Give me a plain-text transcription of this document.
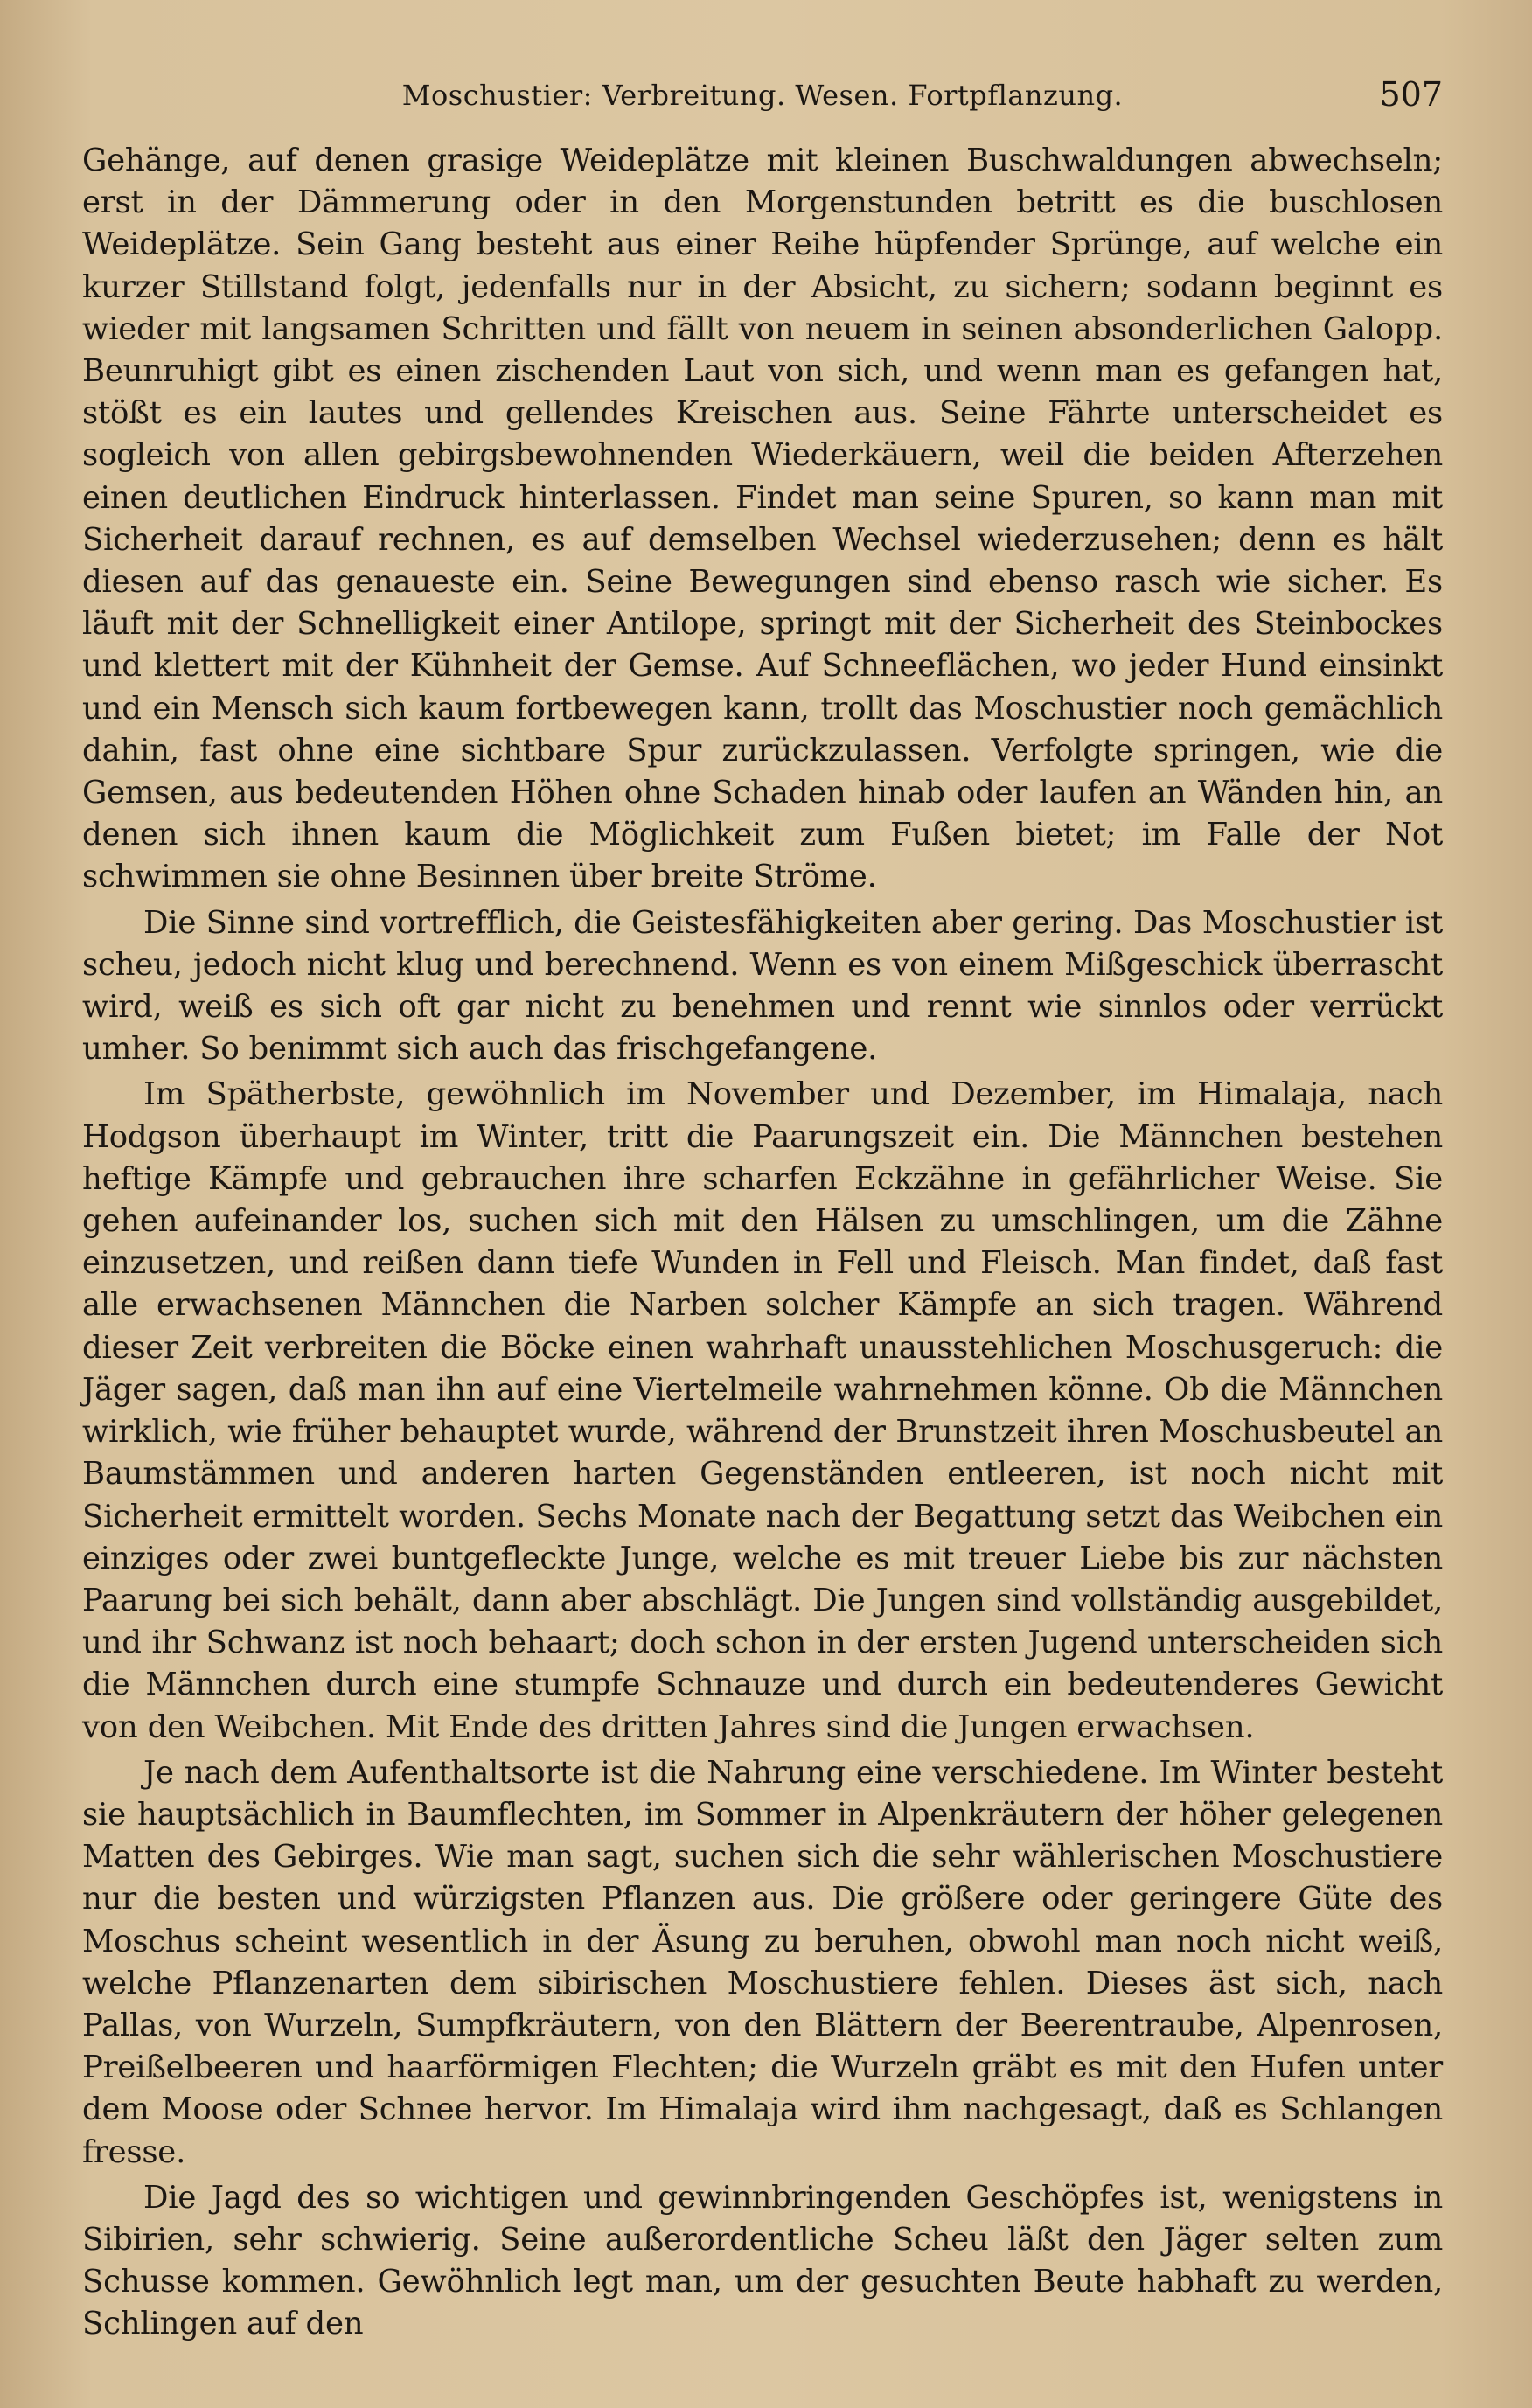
Moschustier: Verbreitung. Wesen. Fortpflanzung.	507

Gehänge, auf denen grasige Weideplätze mit kleinen Buschwaldungen abwechseln; erst in der Dämmerung oder in den Morgenstunden betritt es die buschlosen Weideplätze. Sein Gang besteht aus einer Reihe hüpfender Sprünge, auf welche ein kurzer Stillstand folgt, jedenfalls nur in der Absicht, zu sichern; sodann beginnt es wieder mit langsamen Schritten und fällt von neuem in seinen absonderlichen Galopp. Beunruhigt gibt es einen zischenden Laut von sich, und wenn man es gefangen hat, stößt es ein lautes und gellendes Kreischen aus. Seine Fährte unterscheidet es sogleich von allen gebirgsbewohnenden Wiederkäuern, weil die beiden Afterzehen einen deutlichen Eindruck hinterlassen. Findet man seine Spuren, so kann man mit Sicherheit darauf rechnen, es auf demselben Wechsel wiederzusehen; denn es hält diesen auf das genaueste ein. Seine Bewegungen sind ebenso rasch wie sicher. Es läuft mit der Schnelligkeit einer Antilope, springt mit der Sicherheit des Steinbockes und klettert mit der Kühnheit der Gemse. Auf Schneeflächen, wo jeder Hund einsinkt und ein Mensch sich kaum fortbewegen kann, trollt das Moschustier noch gemächlich dahin, fast ohne eine sichtbare Spur zurückzulassen. Verfolgte springen, wie die Gemsen, aus bedeutenden Höhen ohne Schaden hinab oder laufen an Wänden hin, an denen sich ihnen kaum die Möglichkeit zum Fußen bietet; im Falle der Not schwimmen sie ohne Besinnen über breite Ströme.

Die Sinne sind vortrefflich, die Geistesfähigkeiten aber gering. Das Moschustier ist scheu, jedoch nicht klug und berechnend. Wenn es von einem Mißgeschick überrascht wird, weiß es sich oft gar nicht zu benehmen und rennt wie sinnlos oder verrückt umher. So benimmt sich auch das frischgefangene.

Im Spätherbste, gewöhnlich im November und Dezember, im Himalaja, nach Hodgson überhaupt im Winter, tritt die Paarungszeit ein. Die Männchen bestehen heftige Kämpfe und gebrauchen ihre scharfen Eckzähne in gefährlicher Weise. Sie gehen aufeinander los, suchen sich mit den Hälsen zu umschlingen, um die Zähne einzusetzen, und reißen dann tiefe Wunden in Fell und Fleisch. Man findet, daß fast alle erwachsenen Männchen die Narben solcher Kämpfe an sich tragen. Während dieser Zeit verbreiten die Böcke einen wahrhaft unausstehlichen Moschusgeruch: die Jäger sagen, daß man ihn auf eine Viertelmeile wahrnehmen könne. Ob die Männchen wirklich, wie früher behauptet wurde, während der Brunstzeit ihren Moschusbeutel an Baumstämmen und anderen harten Gegenständen entleeren, ist noch nicht mit Sicherheit ermittelt worden. Sechs Monate nach der Begattung setzt das Weibchen ein einziges oder zwei buntgefleckte Junge, welche es mit treuer Liebe bis zur nächsten Paarung bei sich behält, dann aber abschlägt. Die Jungen sind vollständig ausgebildet, und ihr Schwanz ist noch behaart; doch schon in der ersten Jugend unterscheiden sich die Männchen durch eine stumpfe Schnauze und durch ein bedeutenderes Gewicht von den Weibchen. Mit Ende des dritten Jahres sind die Jungen erwachsen.

Je nach dem Aufenthaltsorte ist die Nahrung eine verschiedene. Im Winter besteht sie hauptsächlich in Baumflechten, im Sommer in Alpenkräutern der höher gelegenen Matten des Gebirges. Wie man sagt, suchen sich die sehr wählerischen Moschustiere nur die besten und würzigsten Pflanzen aus. Die größere oder geringere Güte des Moschus scheint wesentlich in der Äsung zu beruhen, obwohl man noch nicht weiß, welche Pflanzenarten dem sibirischen Moschustiere fehlen. Dieses äst sich, nach Pallas, von Wurzeln, Sumpfkräutern, von den Blättern der Beerentraube, Alpenrosen, Preißelbeeren und haarförmigen Flechten; die Wurzeln gräbt es mit den Hufen unter dem Moose oder Schnee hervor. Im Himalaja wird ihm nachgesagt, daß es Schlangen fresse.

Die Jagd des so wichtigen und gewinnbringenden Geschöpfes ist, wenigstens in Sibirien, sehr schwierig. Seine außerordentliche Scheu läßt den Jäger selten zum Schusse kommen. Gewöhnlich legt man, um der gesuchten Beute habhaft zu werden, Schlingen auf den
